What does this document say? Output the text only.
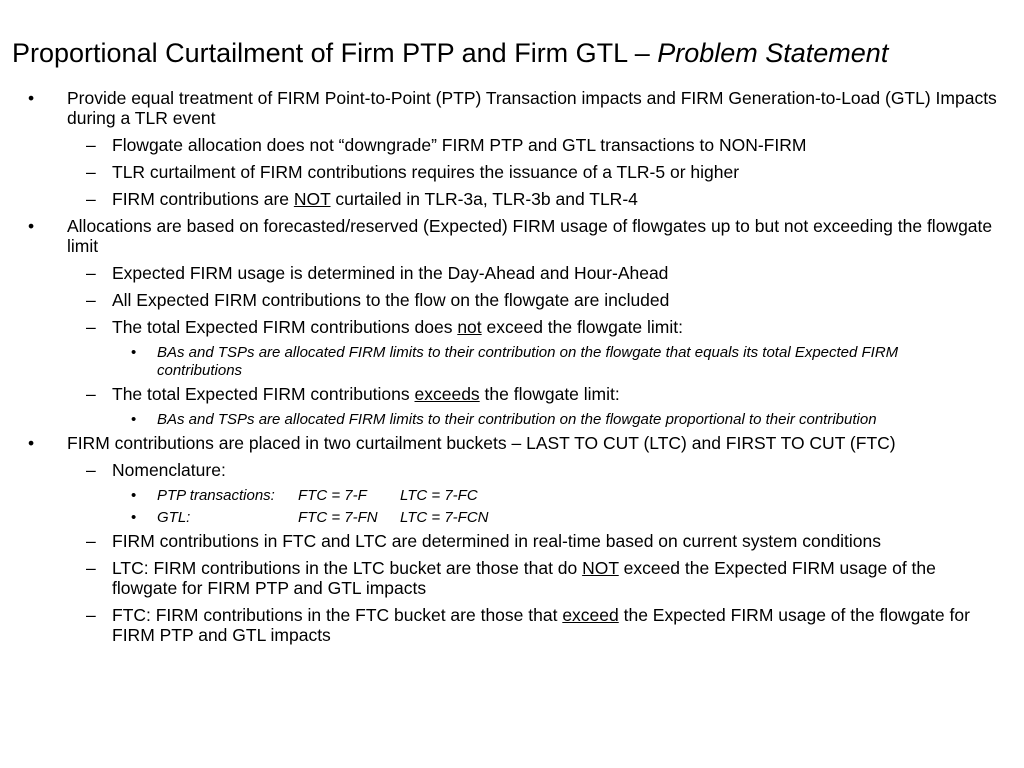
Proportional Curtailment of Firm PTP and Firm GTL – Problem Statement
• Provide equal treatment of FIRM Point-to-Point (PTP) Transaction impacts and FIRM Generation-to-Load (GTL) Impacts during a TLR event
– Flowgate allocation does not “downgrade” FIRM PTP and GTL transactions to NON-FIRM
– TLR curtailment of FIRM contributions requires the issuance of a TLR-5 or higher
– FIRM contributions are NOT curtailed in TLR-3a, TLR-3b and TLR-4
• Allocations are based on forecasted/reserved (Expected) FIRM usage of flowgates up to but not exceeding the flowgate limit
– Expected FIRM usage is determined in the Day-Ahead and Hour-Ahead
– All Expected FIRM contributions to the flow on the flowgate are included
– The total Expected FIRM contributions does not exceed the flowgate limit:
• BAs and TSPs are allocated FIRM limits to their contribution on the flowgate that equals its total Expected FIRM contributions
– The total Expected FIRM contributions exceeds the flowgate limit:
• BAs and TSPs are allocated FIRM limits to their contribution on the flowgate proportional to their contribution
• FIRM contributions are placed in two curtailment buckets – LAST TO CUT (LTC) and FIRST TO CUT (FTC)
– Nomenclature:
• PTP transactions: FTC = 7-F LTC = 7-FC
• GTL:	FTC = 7-FN LTC = 7-FCN
– FIRM contributions in FTC and LTC are determined in real-time based on current system conditions
– LTC: FIRM contributions in the LTC bucket are those that do NOT exceed the Expected FIRM usage of the flowgate for FIRM PTP and GTL impacts
– FTC: FIRM contributions in the FTC bucket are those that exceed the Expected FIRM usage of the flowgate for FIRM PTP and GTL impacts
